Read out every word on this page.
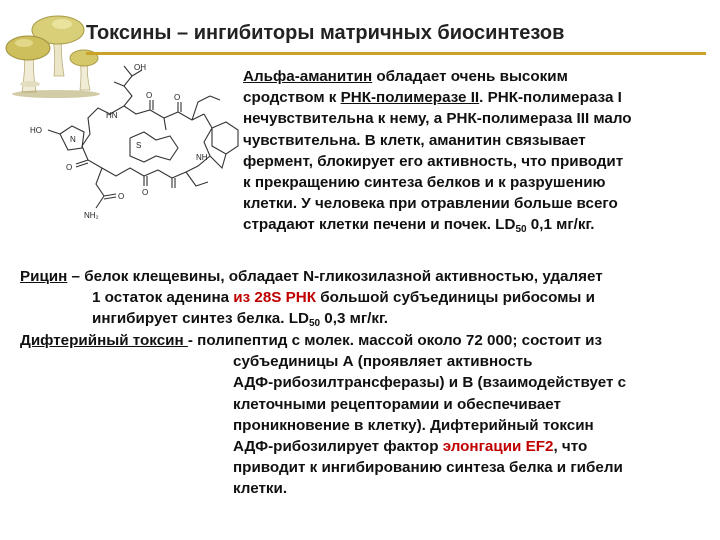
Токсины – ингибиторы матричных биосинтезов
OH
HO
HN
NH
NH₂
O	O
O
O
O
S
N
Альфа-аманитин обладает очень высоким
сродством к РНК-полимеразе II. РНК-полимераза I
нечувствительна к нему, а РНК-полимераза III мало
чувствительна. В клетк, аманитин связывает
фермент, блокирует его активность, что приводит
к прекращению синтеза белков и к разрушению
клетки. У человека при отравлении больше всего
страдают клетки печени и почек. $LD_{50}$ 0,1 мг/кг.
Рицин – белок клещевины, обладает N-гликозилазной активностью, удаляет
1 остаток аденина из 28S РНК большой субъединицы рибосомы и
ингибирует синтез белка. $LD_{50}$ 0,3 мг/кг.
Дифтерийный токсин - полипептид с молек. массой около 72 000; состоит из
субъединицы А (проявляет активность
АДФ-рибозилтрансферазы) и В (взаимодействует с
клеточными рецепторамии и обеспечивает
проникновение в клетку). Дифтерийный токсин
АДФ-рибозилирует фактор элонгации EF2, что
приводит к ингибированию синтеза белка и гибели
клетки.
